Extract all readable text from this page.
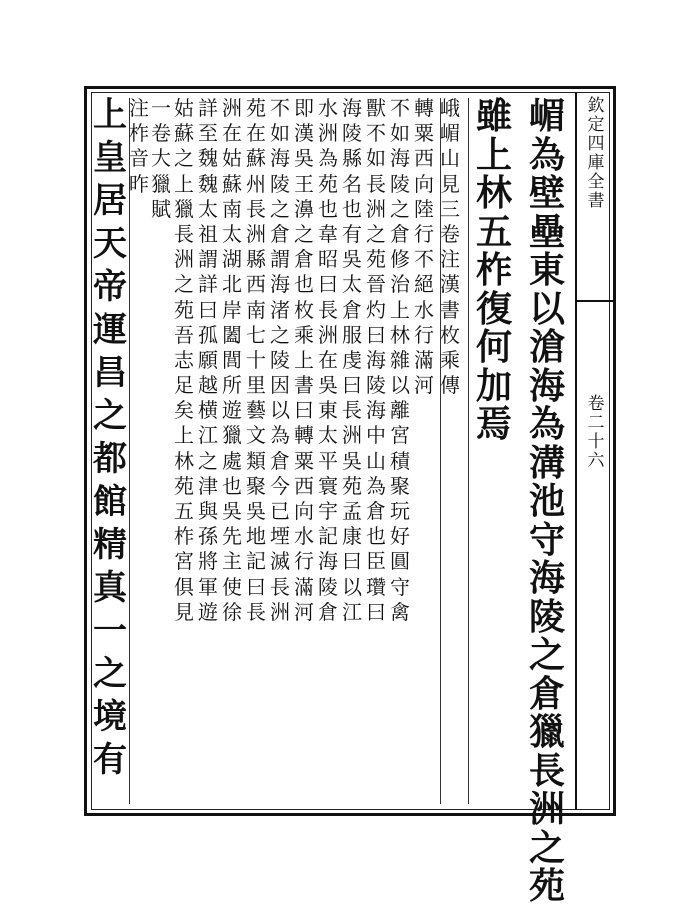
欽
定
四
庫
全
書
卷
二
十
六
嵋
為
壁
壘
東
以
滄
海
為
溝
池
守
海
陵
之
倉
獵
長
洲
之
苑
雖
上
林
五
柞
復
何
加
焉
峨
嵋
山
見
三
卷
注
漢
書
枚
乘
傳
轉
粟
西
向
陸
行
不
絕
水
行
滿
河
不
如
海
陵
之
倉
修
治
上
林
雜
以
離
宮
積
聚
玩
好
圓
守
禽
獸
不
如
長
洲
之
苑
晉
灼
曰
海
陵
海
中
山
為
倉
也
臣
瓚
曰
海
陵
縣
名
也
有
吳
太
倉
服
虔
曰
長
洲
吳
苑
孟
康
曰
以
江
水
洲
為
苑
也
韋
昭
曰
長
洲
在
吳
東
太
平
寰
宇
記
海
陵
倉
即
漢
吳
王
濞
之
倉
也
枚
乘
上
書
曰
轉
粟
西
向
水
行
滿
河
不
如
海
陵
之
倉
謂
海
渚
之
陵
因
以
為
倉
今
已
堙
滅
長
洲
苑
在
蘇
州
長
洲
縣
西
南
七
十
里
藝
文
類
聚
吳
地
記
曰
長
洲
在
姑
蘇
南
太
湖
北
岸
闔
閭
所
遊
獵
處
也
吳
先
主
使
徐
詳
至
魏
魏
太
祖
謂
詳
曰
孤
願
越
横
江
之
津
與
孫
將
軍
遊
姑
蘇
之
上
獵
長
洲
之
苑
吾
志
足
矣
上
林
苑
五
柞
宮
俱
見
一
卷
大
獵
賦
注
柞
音
昨
上
皇
居
天
帝
運
昌
之
都
館
精
真
一
之
境
有
